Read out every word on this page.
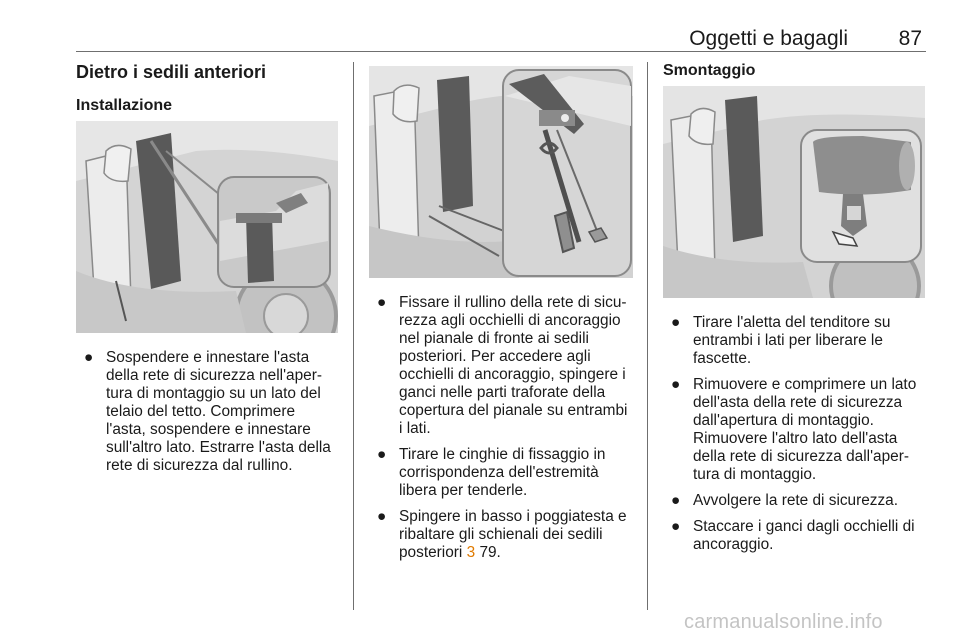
Oggetti e bagagli 87
Dietro i sedili anteriori
Installazione
● Sospendere e innestare l'asta della rete di sicurezza nell'apertura di montaggio su un lato del telaio del tetto. Comprimere l'asta, sospendere e innestare sull'altro lato. Estrarre l'asta della rete di sicurezza dal rullino.
● Fissare il rullino della rete di sicurezza agli occhielli di ancoraggio nel pianale di fronte ai sedili posteriori. Per accedere agli occhielli di ancoraggio, spingere i ganci nelle parti traforate della copertura del pianale su entrambi i lati.
● Tirare le cinghie di fissaggio in corrispondenza dell'estremità libera per tenderle.
● Spingere in basso i poggiatesta e ribaltare gli schienali dei sedili posteriori 3 79.
Smontaggio
● Tirare l'aletta del tenditore su entrambi i lati per liberare le fascette.
● Rimuovere e comprimere un lato dell'asta della rete di sicurezza dall'apertura di montaggio. Rimuovere l'altro lato dell'asta della rete di sicurezza dall'apertura di montaggio.
● Avvolgere la rete di sicurezza.
● Staccare i ganci dagli occhielli di ancoraggio.
carmanualsonline.info
